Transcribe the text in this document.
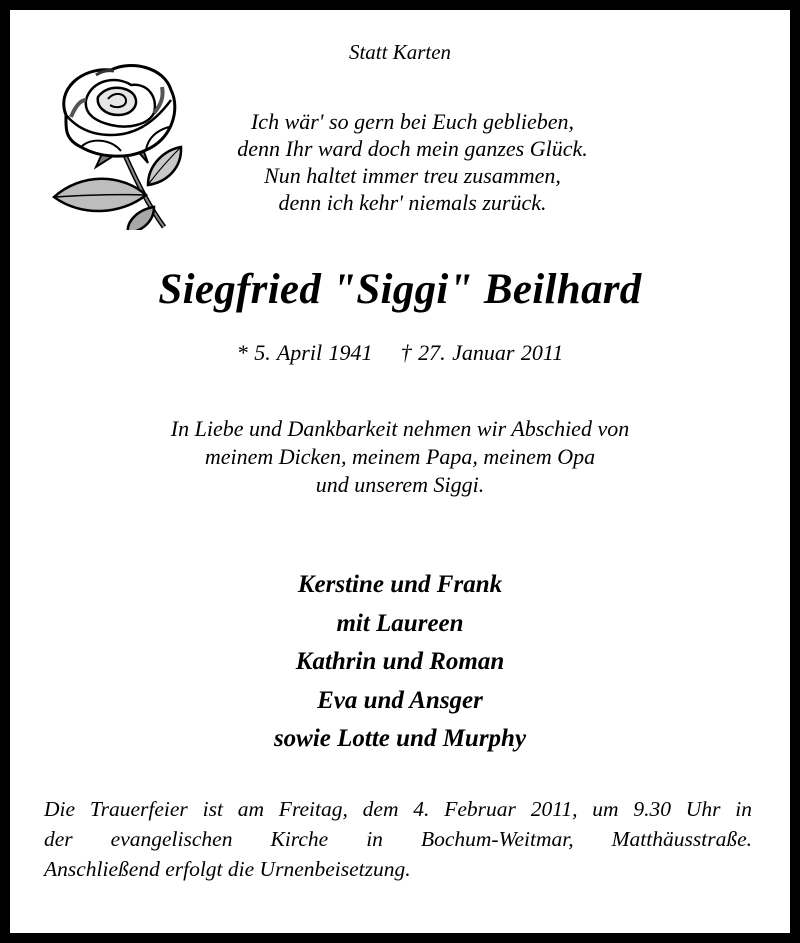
Statt Karten
Ich wär' so gern bei Euch geblieben,
denn Ihr ward doch mein ganzes Glück.
Nun haltet immer treu zusammen,
denn ich kehr' niemals zurück.
Siegfried "Siggi" Beilhard
* 5. April 1941 † 27. Januar 2011
In Liebe und Dankbarkeit nehmen wir Abschied von
meinem Dicken, meinem Papa, meinem Opa
und unserem Siggi.
Kerstine und Frank
mit Laureen
Kathrin und Roman
Eva und Ansger
sowie Lotte und Murphy
Die Trauerfeier ist am Freitag, dem 4. Februar 2011, um 9.30 Uhr in
der evangelischen Kirche in Bochum-Weitmar, Matthäusstraße.
Anschließend erfolgt die Urnenbeisetzung.
